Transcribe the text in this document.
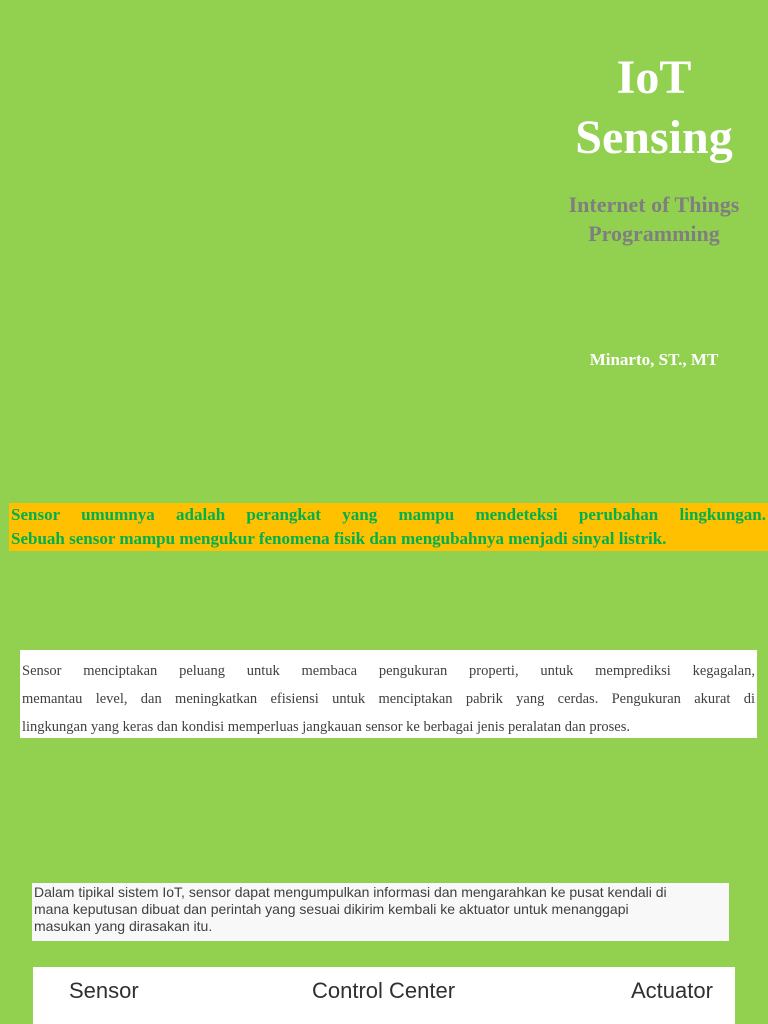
IoT
Sensing
Internet of Things
Programming
Minarto, ST., MT
Sensor umumnya adalah perangkat yang mampu mendeteksi perubahan lingkungan.
Sebuah sensor mampu mengukur fenomena fisik dan mengubahnya menjadi sinyal listrik.
Sensor menciptakan peluang untuk membaca pengukuran properti, untuk memprediksi kegagalan,
memantau level, dan meningkatkan efisiensi untuk menciptakan pabrik yang cerdas. Pengukuran akurat di
lingkungan yang keras dan kondisi memperluas jangkauan sensor ke berbagai jenis peralatan dan proses.
Dalam tipikal sistem IoT, sensor dapat mengumpulkan informasi dan mengarahkan ke pusat kendali di
mana keputusan dibuat dan perintah yang sesuai dikirim kembali ke aktuator untuk menanggapi
masukan yang dirasakan itu.
Sensor	Control Center	Actuator
